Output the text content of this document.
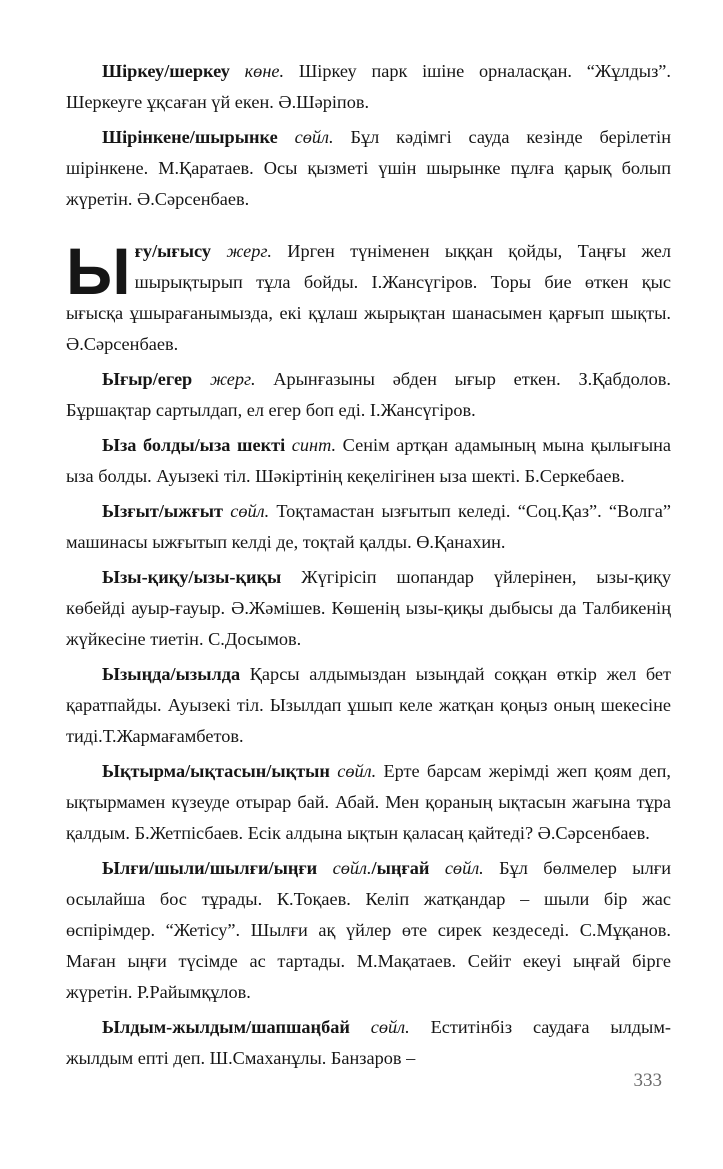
Шіркеу/шеркеу көне. Шіркеу парк ішіне орналасқан. “Жұлдыз”. Шеркеуге ұқсаған үй екен. Ә.Шәріпов.

Шірінкене/шырынке сөйл. Бұл кәдімгі сауда кезінде берілетін шірінкене. М.Қаратаев. Осы қызметі үшін шырынке пұлға қарық болып жүретін. Ә.Сәрсенбаев.

Ығу/ығысу жерг. Ирген түніменен ыққан қойды, Таңғы жел шырықтырып тұла бойды. І.Жансүгіров. Торы бие өткен қыс ығысқа ұшырағанымызда, екі құлаш жырықтан шанасымен қарғып шықты. Ә.Сәрсенбаев.

Ығыр/егер жерг. Арынғазыны әбден ығыр еткен. З.Қабдолов. Бұршақтар сартылдап, ел егер боп еді. І.Жансүгіров.

Ыза болды/ыза шекті синт. Сенім артқан адамының мына қылығына ыза болды. Ауызекі тіл. Шәкіртінің кеқелігінен ыза шекті. Б.Серкебаев.

Ызғыт/ыжғыт сөйл. Тоқтамастан ызғытып келеді. “Соц.Қаз”. “Волга” машинасы ыжғытып келді де, тоқтай қалды. Ө.Қанахин.

Ызы-қиқу/ызы-қиқы Жүгірісіп шопандар үйлерінен, ызы-қиқу көбейді ауыр-ғауыр. Ә.Жәмішев. Көшенің ызы-қиқы дыбысы да Талбикенің жүйкесіне тиетін. С.Досымов.

Ызыңда/ызылда Қарсы алдымыздан ызыңдай соққан өткір жел бет қаратпайды. Ауызекі тіл. Ызылдап ұшып келе жатқан қоңыз оның шекесіне тиді.Т.Жармағамбетов.

Ықтырма/ықтасын/ықтын сөйл. Ерте барсам жерімді жеп қоям деп, ықтырмамен күзеуде отырар бай. Абай. Мен қораның ықтасын жағына тұра қалдым. Б.Жетпісбаев. Есік алдына ықтын қаласаң қайтеді? Ә.Сәрсенбаев.

Ылғи/шыли/шылғи/ыңғи сөйл./ыңғай сөйл. Бұл бөлмелер ылғи осылайша бос тұрады. К.Тоқаев. Келіп жатқандар – шыли бір жас өспірімдер. “Жетісу”. Шылғи ақ үйлер өте сирек кездеседі. С.Мұқанов. Маған ыңғи түсімде ас тартады. М.Мақатаев. Сейіт екеуі ыңғай бірге жүретін. Р.Райымқұлов.

Ылдым-жылдым/шапшаңбай сөйл. Еститінбіз саудаға ылдым-жылдым епті деп. Ш.Смаханұлы. Банзаров –

333
